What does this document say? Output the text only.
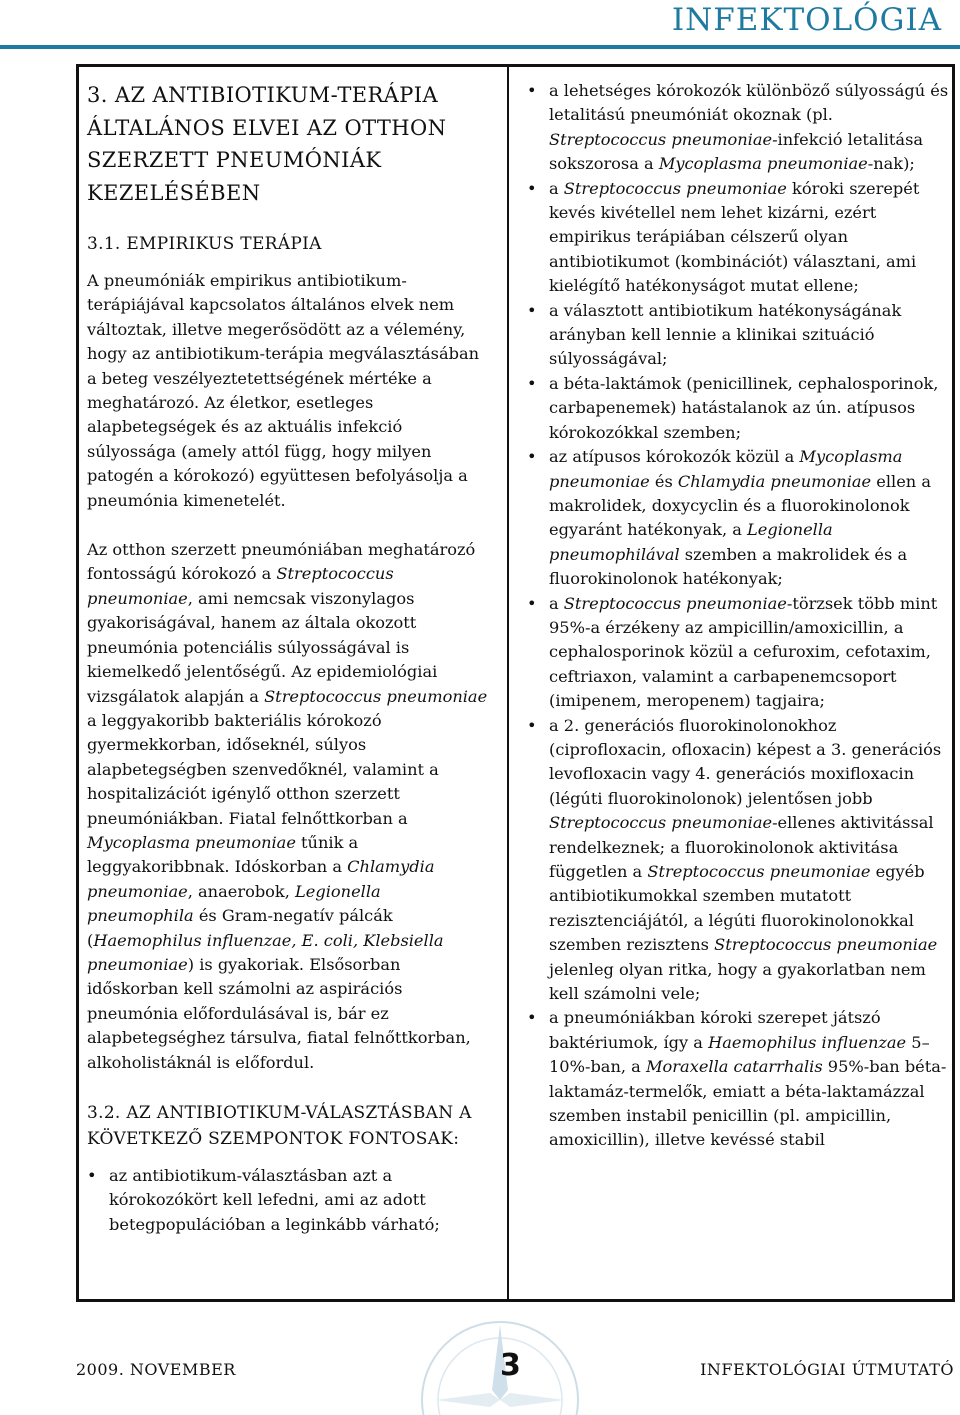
INFEKTOLÓGIA
3. AZ ANTIBIOTIKUM-TERÁPIA ÁLTALÁNOS ELVEI AZ OTTHON SZERZETT PNEUMÓNIÁK KEZELÉSÉBEN
3.1. EMPIRIKUS TERÁPIA

A pneumóniák empirikus antibiotikum-terápiájával kapcsolatos általános elvek nem változtak, illetve megerősödött az a vélemény, hogy az antibiotikum-terápia megválasztásában a beteg veszélyeztetettségének mértéke a meghatározó. Az életkor, esetleges alapbetegségek és az aktuális infekció súlyossága (amely attól függ, hogy milyen patogén a kórokozó) együttesen befolyásolja a pneumónia kimenetelét.

Az otthon szerzett pneumóniában meghatározó fontosságú kórokozó a Streptococcus pneumoniae, ami nemcsak viszonylagos gyakoriságával, hanem az általa okozott pneumónia potenciális súlyosságával is kiemelkedő jelentőségű. Az epidemiológiai vizsgálatok alapján a Streptococcus pneumoniae a leggyakoribb bakteriális kórokozó gyermekkorban, időseknél, súlyos alapbetegségben szenvedőknél, valamint a hospitalizációt igénylő otthon szerzett pneumóniákban. Fiatal felnőttkorban a Mycoplasma pneumoniae tűnik a leggyakoribbnak. Idóskorban a Chlamydia pneumoniae, anaerobok, Legionella pneumophila és Gram-negatív pálcák (Haemophilus influenzae, E. coli, Klebsiella pneumoniae) is gyakoriak. Elsősorban időskorban kell számolni az aspirációs pneumónia előfordulásával is, bár ez alapbetegséghez társulva, fiatal felnőttkorban, alkoholistáknál is előfordul.

3.2. AZ ANTIBIOTIKUM-VÁLASZTÁSBAN A KÖVETKEZŐ SZEMPONTOK FONTOSAK:
• az antibiotikum-választásban azt a kórokozókört kell lefedni, ami az adott betegpopulációban a leginkább várható;
• a lehetséges kórokozók különböző súlyosságú és letalitású pneumóniát okoznak (pl. Streptococcus pneumoniae-infekció letalitása sokszorosa a Mycoplasma pneumoniae-nak);
• a Streptococcus pneumoniae kóroki szerepét kevés kivétellel nem lehet kizárni, ezért empirikus terápiában célszerű olyan antibiotikumot (kombinációt) választani, ami kielégítő hatékonyságot mutat ellene;
• a választott antibiotikum hatékonyságának arányban kell lennie a klinikai szituáció súlyosságával;
• a béta-laktámok (penicillinek, cephalosporinok, carbapenemek) hatástalanok az ún. atípusos kórokozókkal szemben;
• az atípusos kórokozók közül a Mycoplasma pneumoniae és Chlamydia pneumoniae ellen a makrolidek, doxycyclin és a fluorokinolonok egyaránt hatékonyak, a Legionella pneumophilával szemben a makrolidek és a fluorokinolonok hatékonyak;
• a Streptococcus pneumoniae-törzsek több mint 95%-a érzékeny az ampicillin/amoxicillin, a cephalosporinok közül a cefuroxim, cefotaxim, ceftriaxon, valamint a carbapenemcsoport (imipenem, meropenem) tagjaira;
• a 2. generációs fluorokinolonokhoz (ciprofloxacin, ofloxacin) képest a 3. generációs levofloxacin vagy 4. generációs moxifloxacin (légúti fluorokinolonok) jelentősen jobb Streptococcus pneumoniae-ellenes aktivitással rendelkeznek; a fluorokinolonok aktivitása független a Streptococcus pneumoniae egyéb antibiotikumokkal szemben mutatott rezisztenciájától, a légúti fluorokinolonokkal szemben rezisztens Streptococcus pneumoniae jelenleg olyan ritka, hogy a gyakorlatban nem kell számolni vele;
• a pneumóniákban kóroki szerepet játszó baktériumok, így a Haemophilus influenzae 5–10%-ban, a Moraxella catarrhalis 95%-ban béta-laktamáz-termelők, emiatt a béta-laktamázzal szemben instabil penicillin (pl. ampicillin, amoxicillin), illetve kevéssé stabil
2009. NOVEMBER	3	INFEKTOLÓGIAI ÚTMUTATÓ
